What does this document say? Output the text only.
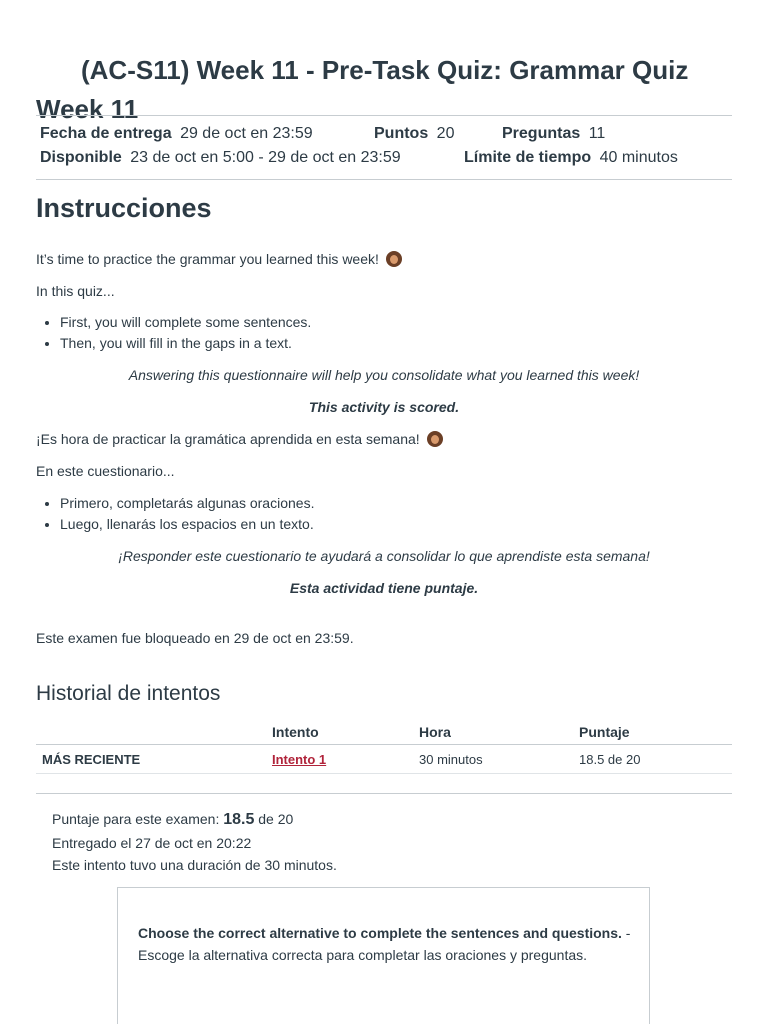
(AC-S11) Week 11 - Pre-Task Quiz: Grammar Quiz
Week 11
Fecha de entrega 29 de oct en 23:59	Puntos 20	Preguntas 11
Disponible 23 de oct en 5:00 - 29 de oct en 23:59	Límite de tiempo 40 minutos
Instrucciones
It’s time to practice the grammar you learned this week!
In this quiz...
• First, you will complete some sentences.
• Then, you will fill in the gaps in a text.
Answering this questionnaire will help you consolidate what you learned this week!
This activity is scored.
¡Es hora de practicar la gramática aprendida en esta semana!
En este cuestionario...
• Primero, completarás algunas oraciones.
• Luego, llenarás los espacios en un texto.
¡Responder este cuestionario te ayudará a consolidar lo que aprendiste esta semana!
Esta actividad tiene puntaje.
Este examen fue bloqueado en 29 de oct en 23:59.
Historial de intentos
	Intento	Hora	Puntaje
MÁS RECIENTE	Intento 1	30 minutos	18.5 de 20
Puntaje para este examen: 18.5 de 20
Entregado el 27 de oct en 20:22
Este intento tuvo una duración de 30 minutos.
Choose the correct alternative to complete the sentences and questions. - Escoge la alternativa correcta para completar las oraciones y preguntas.
